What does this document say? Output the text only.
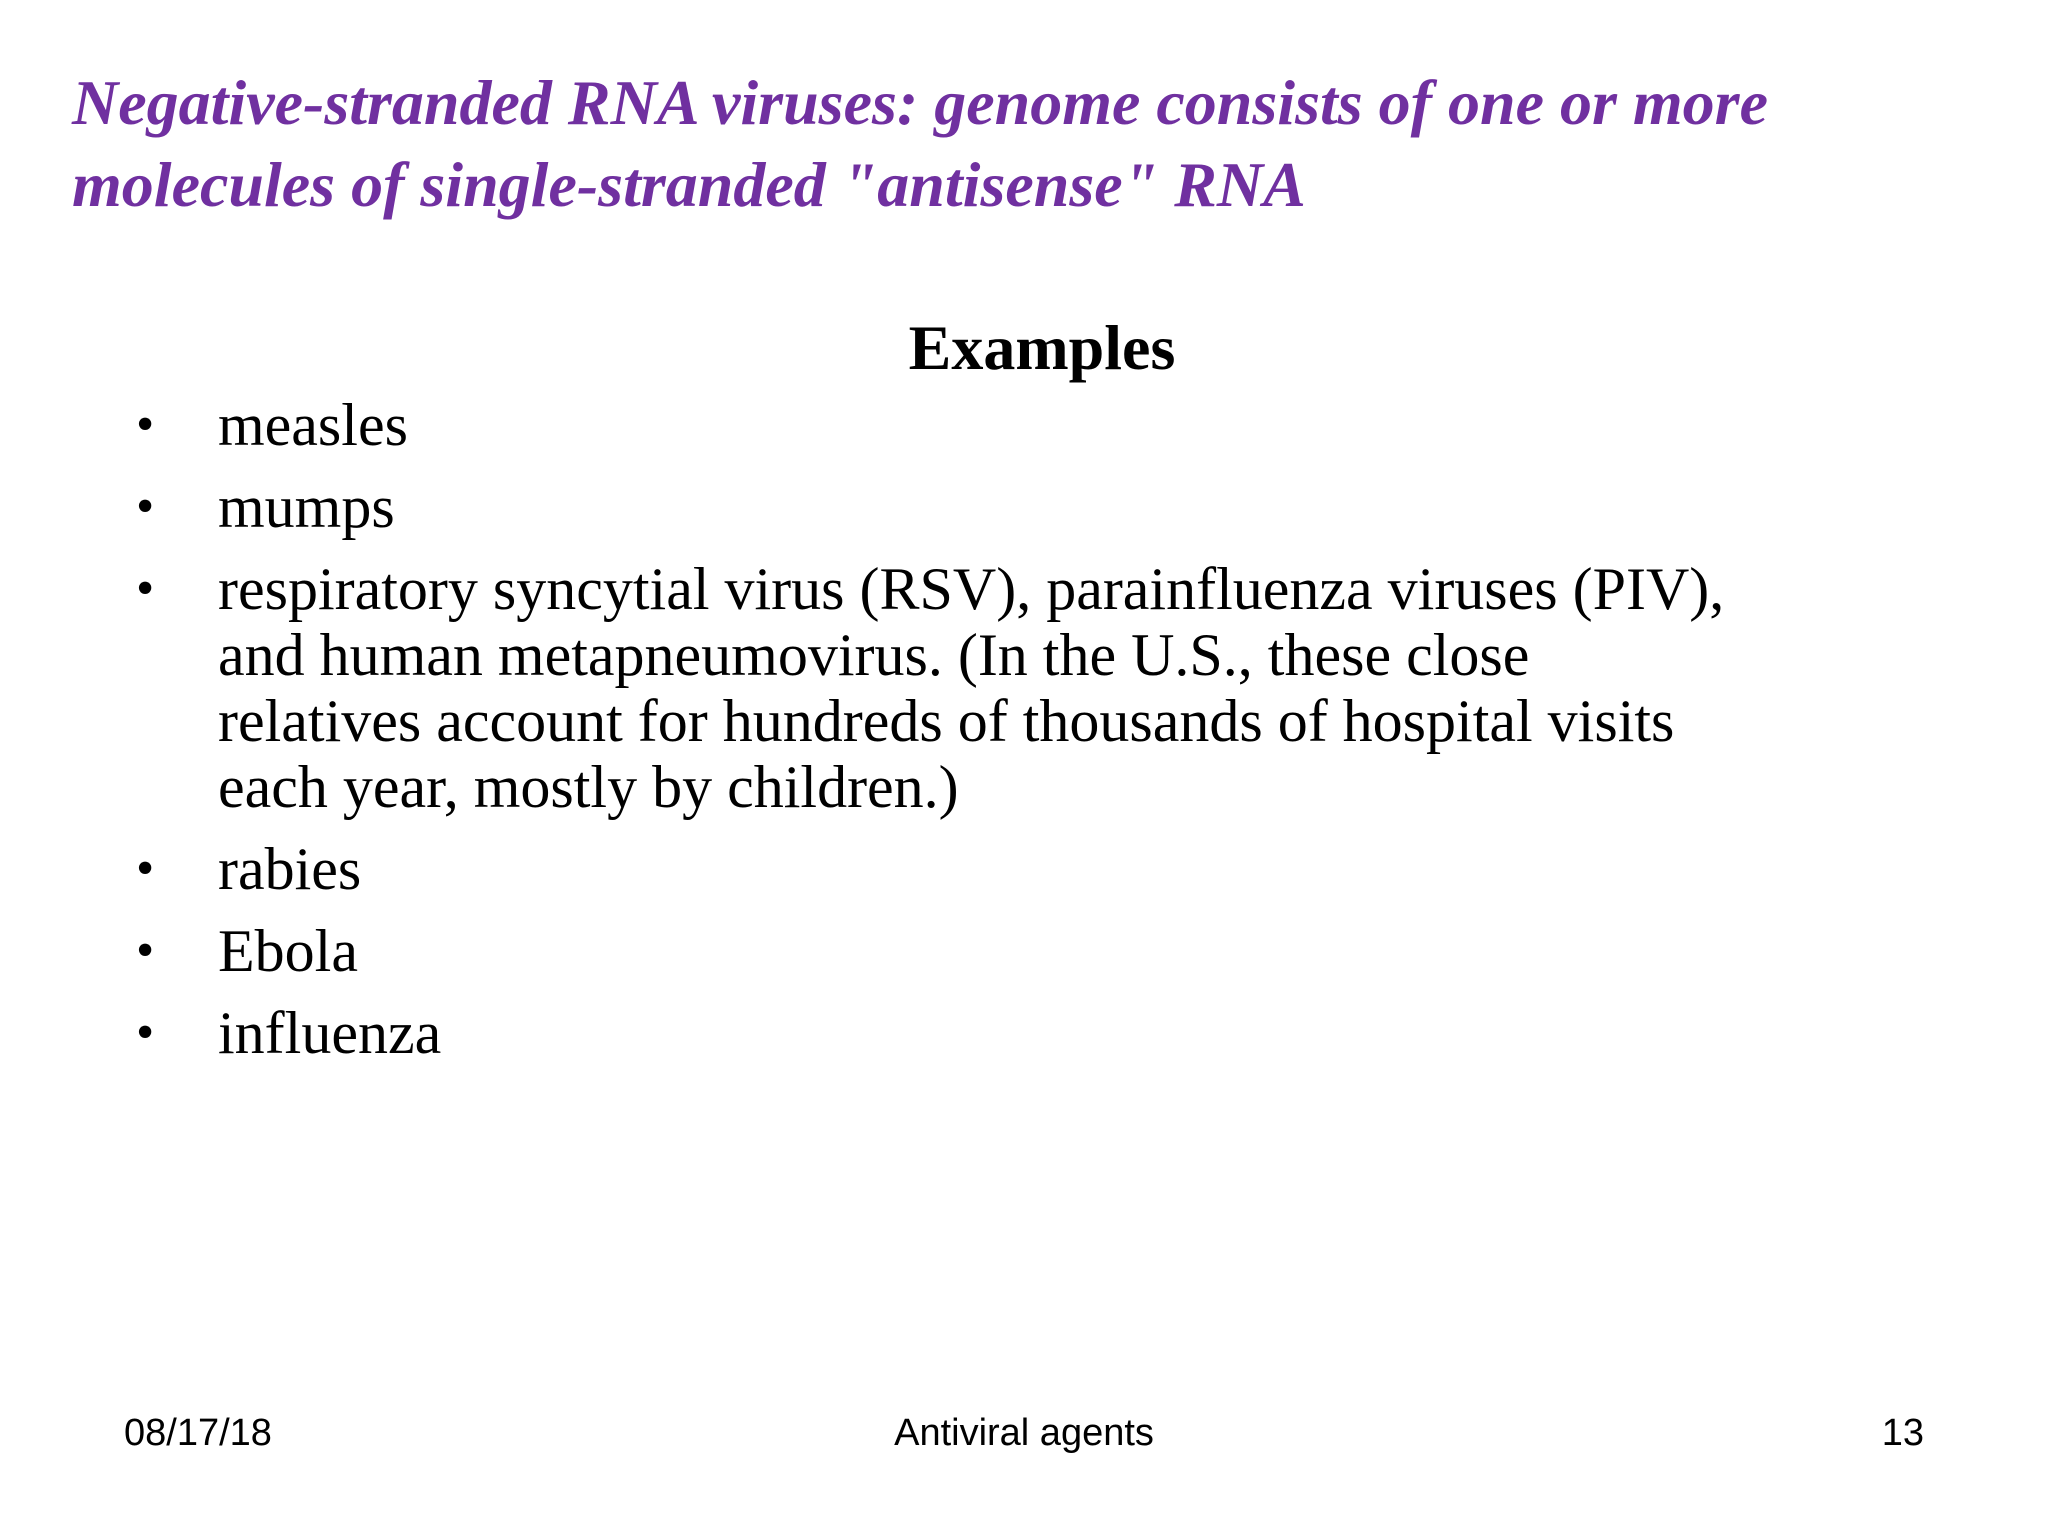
Negative-stranded RNA viruses: genome consists of one or more
molecules of single-stranded "antisense" RNA
Examples
•	measles
•	mumps
•	respiratory syncytial virus (RSV), parainfluenza viruses (PIV),
and human metapneumovirus. (In the U.S., these close
relatives account for hundreds of thousands of hospital visits
each year, mostly by children.)
•	rabies
•	Ebola
•	influenza
08/17/18	Antiviral agents	13
